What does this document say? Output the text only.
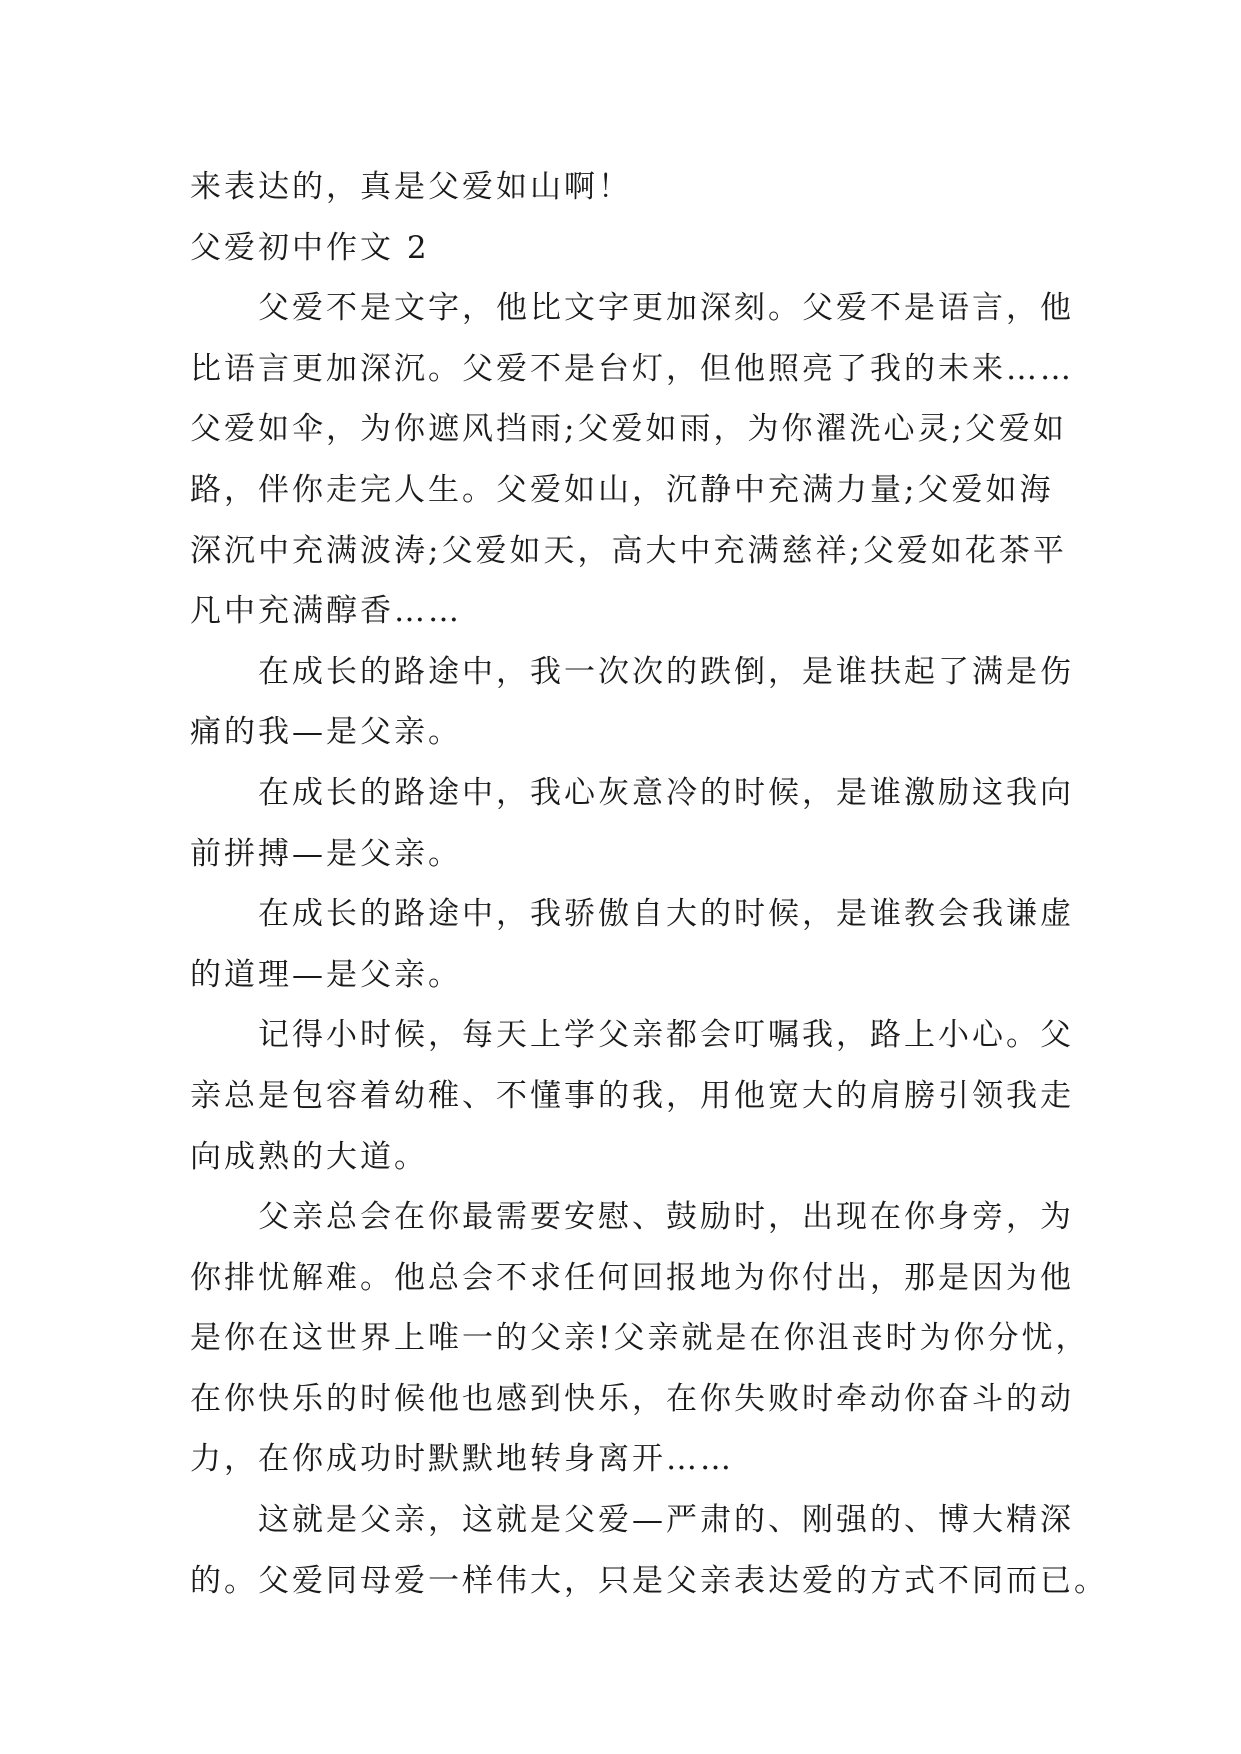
来表达的，真是父爱如山啊！
父爱初中作文 2
父爱不是文字，他比文字更加深刻。父爱不是语言，他
比语言更加深沉。父爱不是台灯，但他照亮了我的未来……
父爱如伞，为你遮风挡雨;父爱如雨，为你濯洗心灵;父爱如
路，伴你走完人生。父爱如山，沉静中充满力量;父爱如海
深沉中充满波涛;父爱如天，高大中充满慈祥;父爱如花茶平
凡中充满醇香……
在成长的路途中，我一次次的跌倒，是谁扶起了满是伤
痛的我—是父亲。
在成长的路途中，我心灰意冷的时候，是谁激励这我向
前拼搏—是父亲。
在成长的路途中，我骄傲自大的时候，是谁教会我谦虚
的道理—是父亲。
记得小时候，每天上学父亲都会叮嘱我，路上小心。父
亲总是包容着幼稚、不懂事的我，用他宽大的肩膀引领我走
向成熟的大道。
父亲总会在你最需要安慰、鼓励时，出现在你身旁，为
你排忧解难。他总会不求任何回报地为你付出，那是因为他
是你在这世界上唯一的父亲!父亲就是在你沮丧时为你分忧，
在你快乐的时候他也感到快乐，在你失败时牵动你奋斗的动
力，在你成功时默默地转身离开……
这就是父亲，这就是父爱—严肃的、刚强的、博大精深
的。父爱同母爱一样伟大，只是父亲表达爱的方式不同而已。
